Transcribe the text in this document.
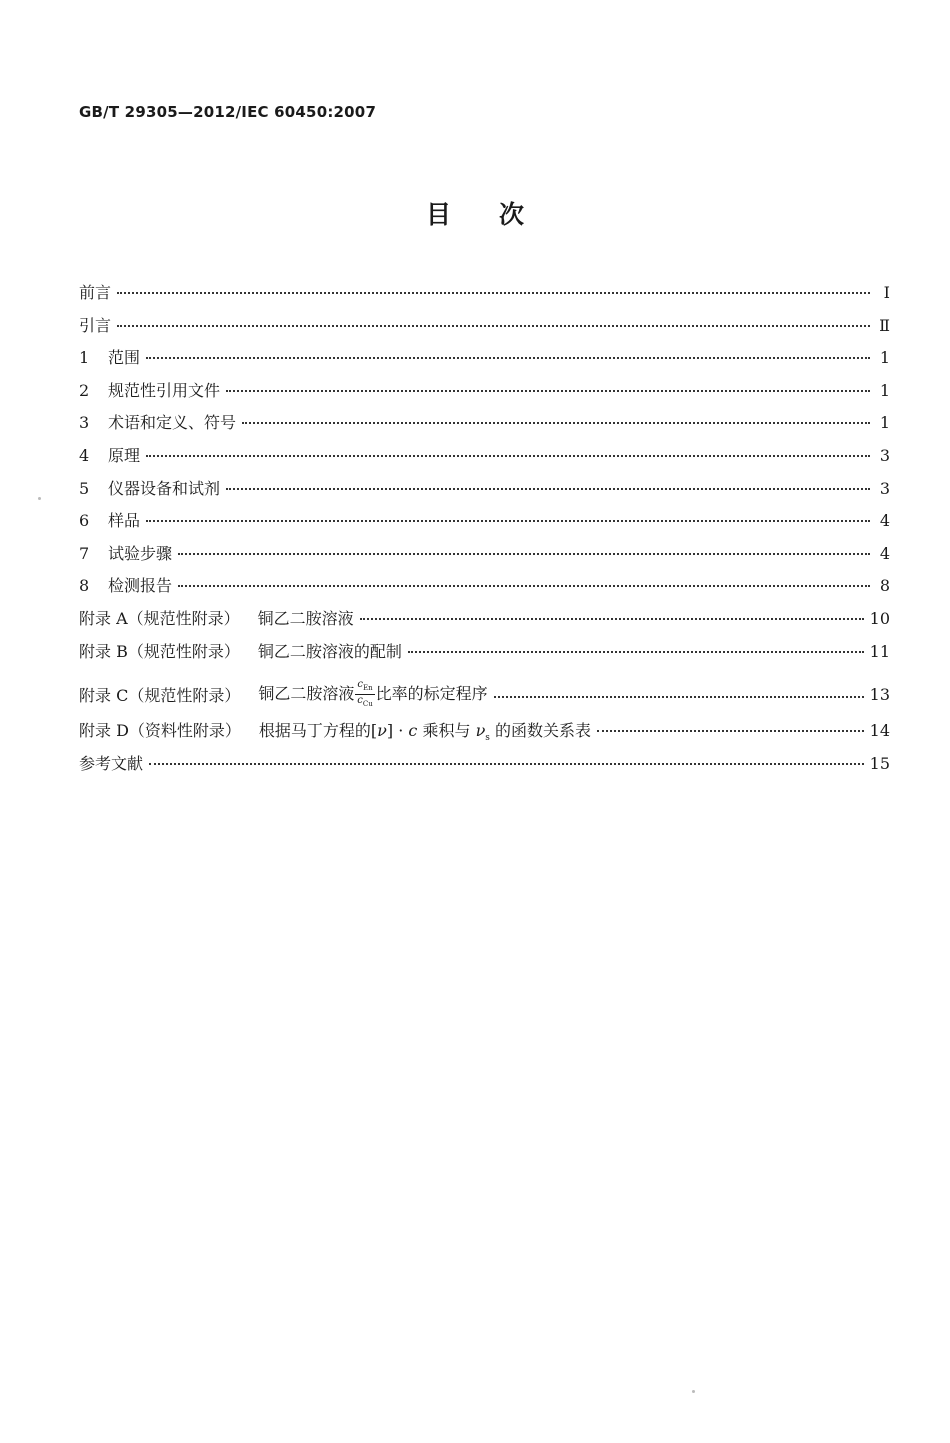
GB/T 29305—2012/IEC 60450:2007
目次
前言	Ⅰ
引言	Ⅱ
1	范围	1
2	规范性引用文件	1
3	术语和定义、符号	1
4	原理	3
5	仪器设备和试剂	3
6	样品	4
7	试验步骤	4
8	检测报告	8
附录 A（规范性附录） 铜乙二胺溶液	10
附录 B（规范性附录） 铜乙二胺溶液的配制	11
附录 C（规范性附录） 铜乙二胺溶液 $\frac{c_{En}}{c_{Cu}}$ 比率的标定程序	13
附录 D（资料性附录） 根据马丁方程的[ν] · c 乘积与 $\nu_s$ 的函数关系表	14
参考文献	15
